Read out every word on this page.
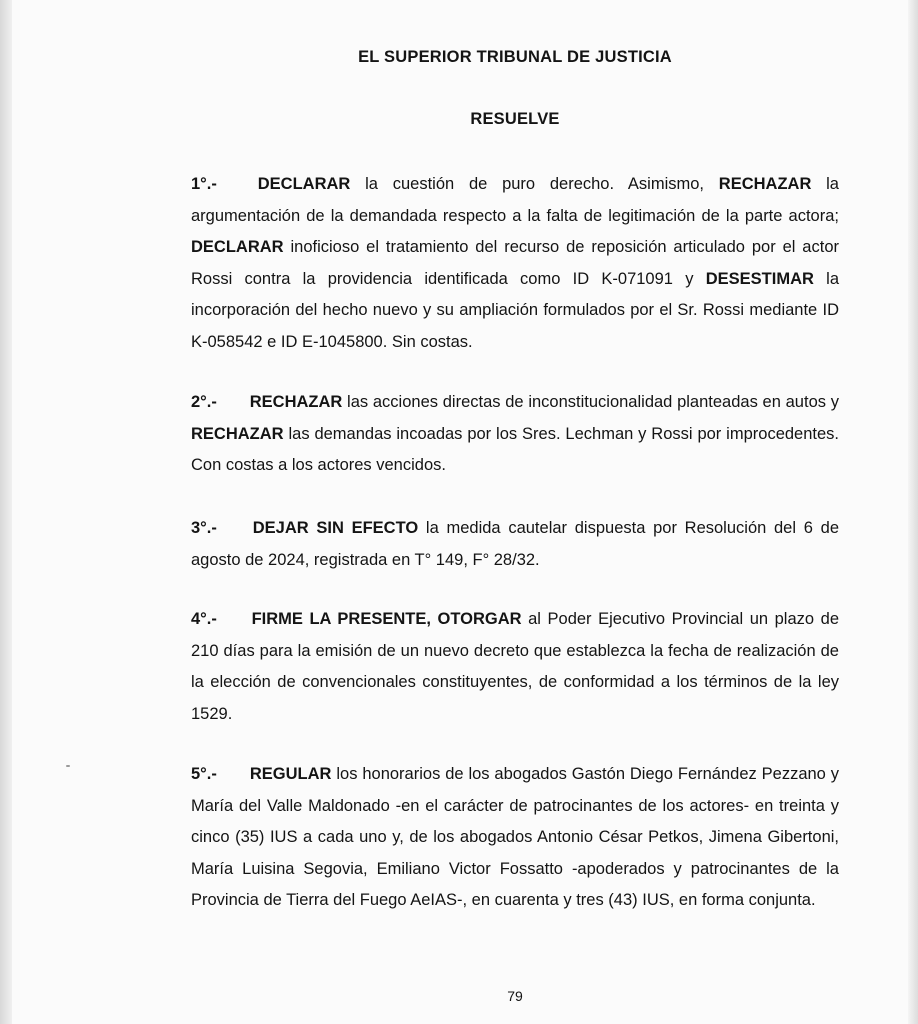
EL SUPERIOR TRIBUNAL DE JUSTICIA
RESUELVE
1°.- DECLARAR la cuestión de puro derecho. Asimismo, RECHAZAR la argumentación de la demandada respecto a la falta de legitimación de la parte actora; DECLARAR inoficioso el tratamiento del recurso de reposición articulado por el actor Rossi contra la providencia identificada como ID K-071091 y DESESTIMAR la incorporación del hecho nuevo y su ampliación formulados por el Sr. Rossi mediante ID K-058542 e ID E-1045800. Sin costas.
2°.- RECHAZAR las acciones directas de inconstitucionalidad planteadas en autos y RECHAZAR las demandas incoadas por los Sres. Lechman y Rossi por improcedentes. Con costas a los actores vencidos.
3°.- DEJAR SIN EFECTO la medida cautelar dispuesta por Resolución del 6 de agosto de 2024, registrada en T° 149, F° 28/32.
4°.- FIRME LA PRESENTE, OTORGAR al Poder Ejecutivo Provincial un plazo de 210 días para la emisión de un nuevo decreto que establezca la fecha de realización de la elección de convencionales constituyentes, de conformidad a los términos de la ley 1529.
5°.- REGULAR los honorarios de los abogados Gastón Diego Fernández Pezzano y María del Valle Maldonado -en el carácter de patrocinantes de los actores- en treinta y cinco (35) IUS a cada uno y, de los abogados Antonio César Petkos, Jimena Gibertoni, María Luisina Segovia, Emiliano Victor Fossatto -apoderados y patrocinantes de la Provincia de Tierra del Fuego AeIAS-, en cuarenta y tres (43) IUS, en forma conjunta.
79
